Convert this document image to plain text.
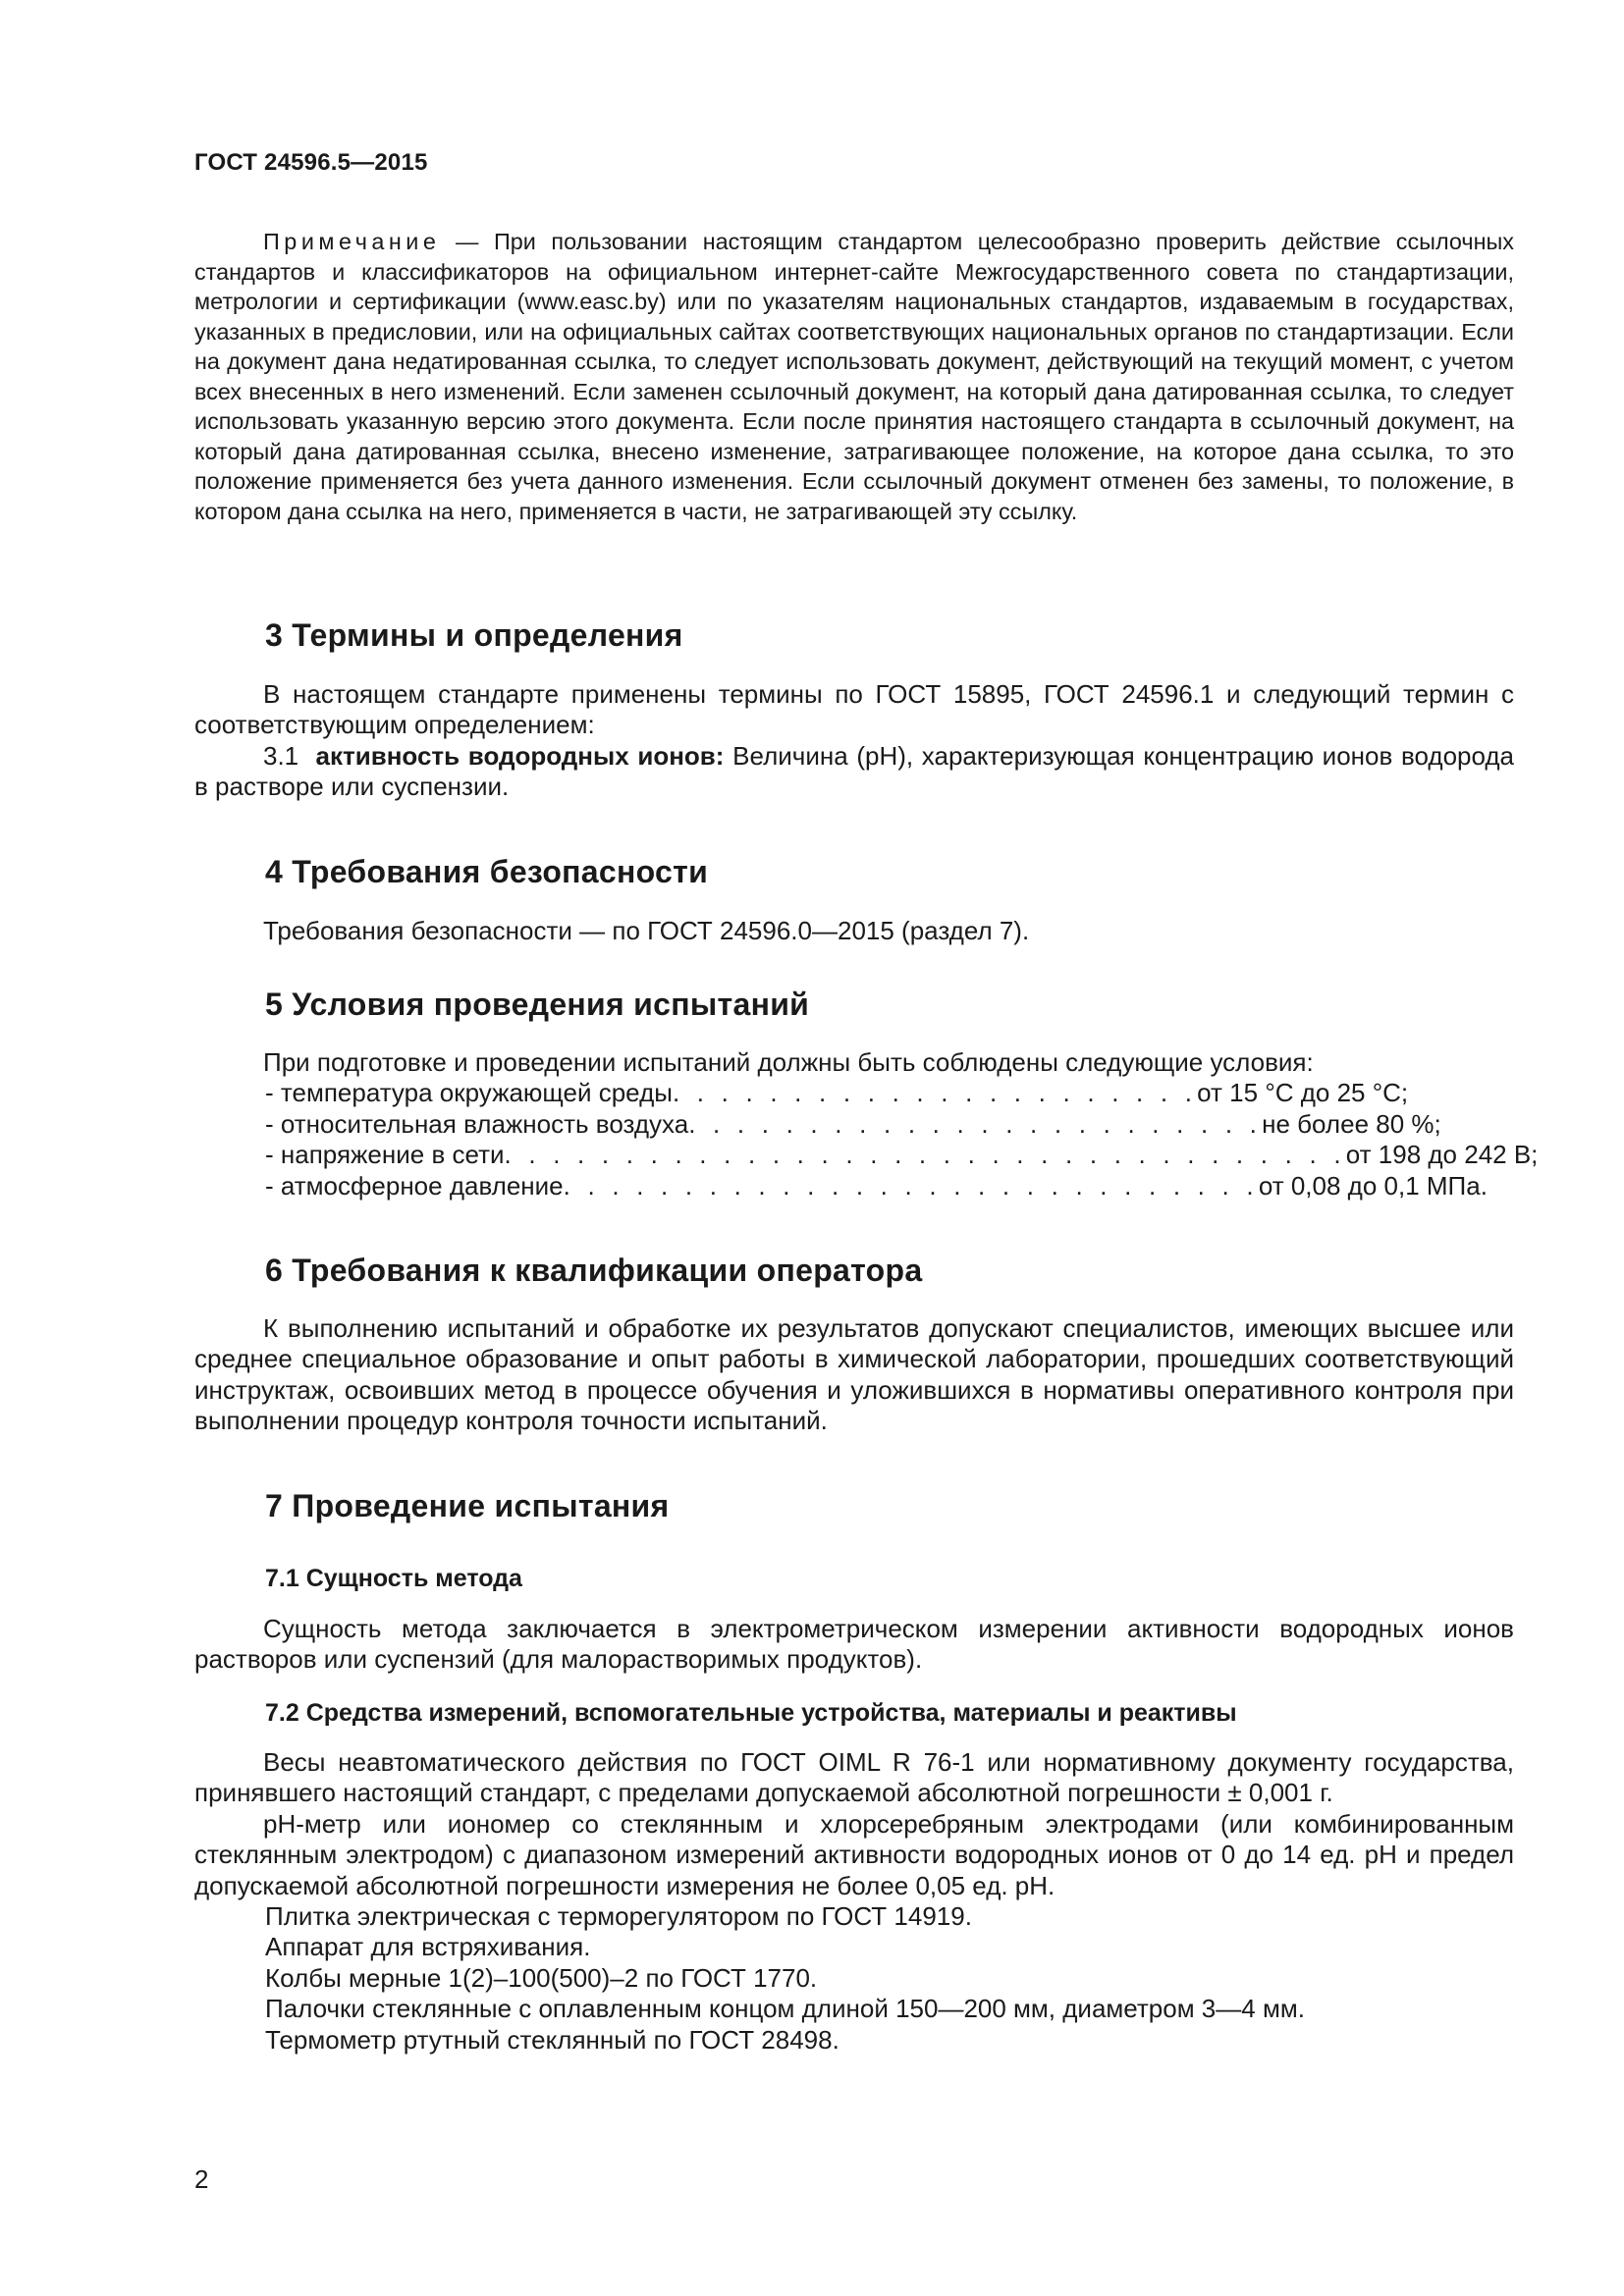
ГОСТ 24596.5—2015

Примечание — При пользовании настоящим стандартом целесообразно проверить действие ссылочных стандартов и классификаторов на официальном интернет-сайте Межгосударственного совета по стандартизации, метрологии и сертификации (www.easc.by) или по указателям национальных стандартов, издаваемым в государствах, указанных в предисловии, или на официальных сайтах соответствующих национальных органов по стандартизации. Если на документ дана недатированная ссылка, то следует использовать документ, действующий на текущий момент, с учетом всех внесенных в него изменений. Если заменен ссылочный документ, на который дана датированная ссылка, то следует использовать указанную версию этого документа. Если после принятия настоящего стандарта в ссылочный документ, на который дана датированная ссылка, внесено изменение, затрагивающее положение, на которое дана ссылка, то это положение применяется без учета данного изменения. Если ссылочный документ отменен без замены, то положение, в котором дана ссылка на него, применяется в части, не затрагивающей эту ссылку.

3 Термины и определения

В настоящем стандарте применены термины по ГОСТ 15895, ГОСТ 24596.1 и следующий термин с соответствующим определением:

3.1 активность водородных ионов: Величина (pH), характеризующая концентрацию ионов водорода в растворе или суспензии.

4 Требования безопасности

Требования безопасности — по ГОСТ 24596.0—2015 (раздел 7).

5 Условия проведения испытаний

При подготовке и проведении испытаний должны быть соблюдены следующие условия:

- температура окружающей среды . . . . . . . . . . . . . . . . . . . . . . от 15 °С до 25 °С;
- относительная влажность воздуха . . . . . . . . . . . . . . . . . . . . . . . . не более 80 %;
- напряжение в сети . . . . . . . . . . . . . . . . . . . . . . . . . . . . . . . . . . . от 198 до 242 В;
- атмосферное давление . . . . . . . . . . . . . . . . . . . . . . . . . . . . . от 0,08 до 0,1 МПа.
6 Требования к квалификации оператора

К выполнению испытаний и обработке их результатов допускают специалистов, имеющих высшее или среднее специальное образование и опыт работы в химической лаборатории, прошедших соответствующий инструктаж, освоивших метод в процессе обучения и уложившихся в нормативы оперативного контроля при выполнении процедур контроля точности испытаний.

7 Проведение испытания
7.1 Сущность метода

Сущность метода заключается в электрометрическом измерении активности водородных ионов растворов или суспензий (для малорастворимых продуктов).

7.2 Средства измерений, вспомогательные устройства, материалы и реактивы

Весы неавтоматического действия по ГОСТ OIML R 76-1 или нормативному документу государства, принявшего настоящий стандарт, с пределами допускаемой абсолютной погрешности ± 0,001 г.

pH-метр или иономер со стеклянным и хлорсеребряным электродами (или комбинированным стеклянным электродом) с диапазоном измерений активности водородных ионов от 0 до 14 ед. pH и предел допускаемой абсолютной погрешности измерения не более 0,05 ед. pH.

Плитка электрическая с терморегулятором по ГОСТ 14919.

Аппарат для встряхивания.

Колбы мерные 1(2)–100(500)–2 по ГОСТ 1770.

Палочки стеклянные с оплавленным концом длиной 150—200 мм, диаметром 3—4 мм.

Термометр ртутный стеклянный по ГОСТ 28498.

2
